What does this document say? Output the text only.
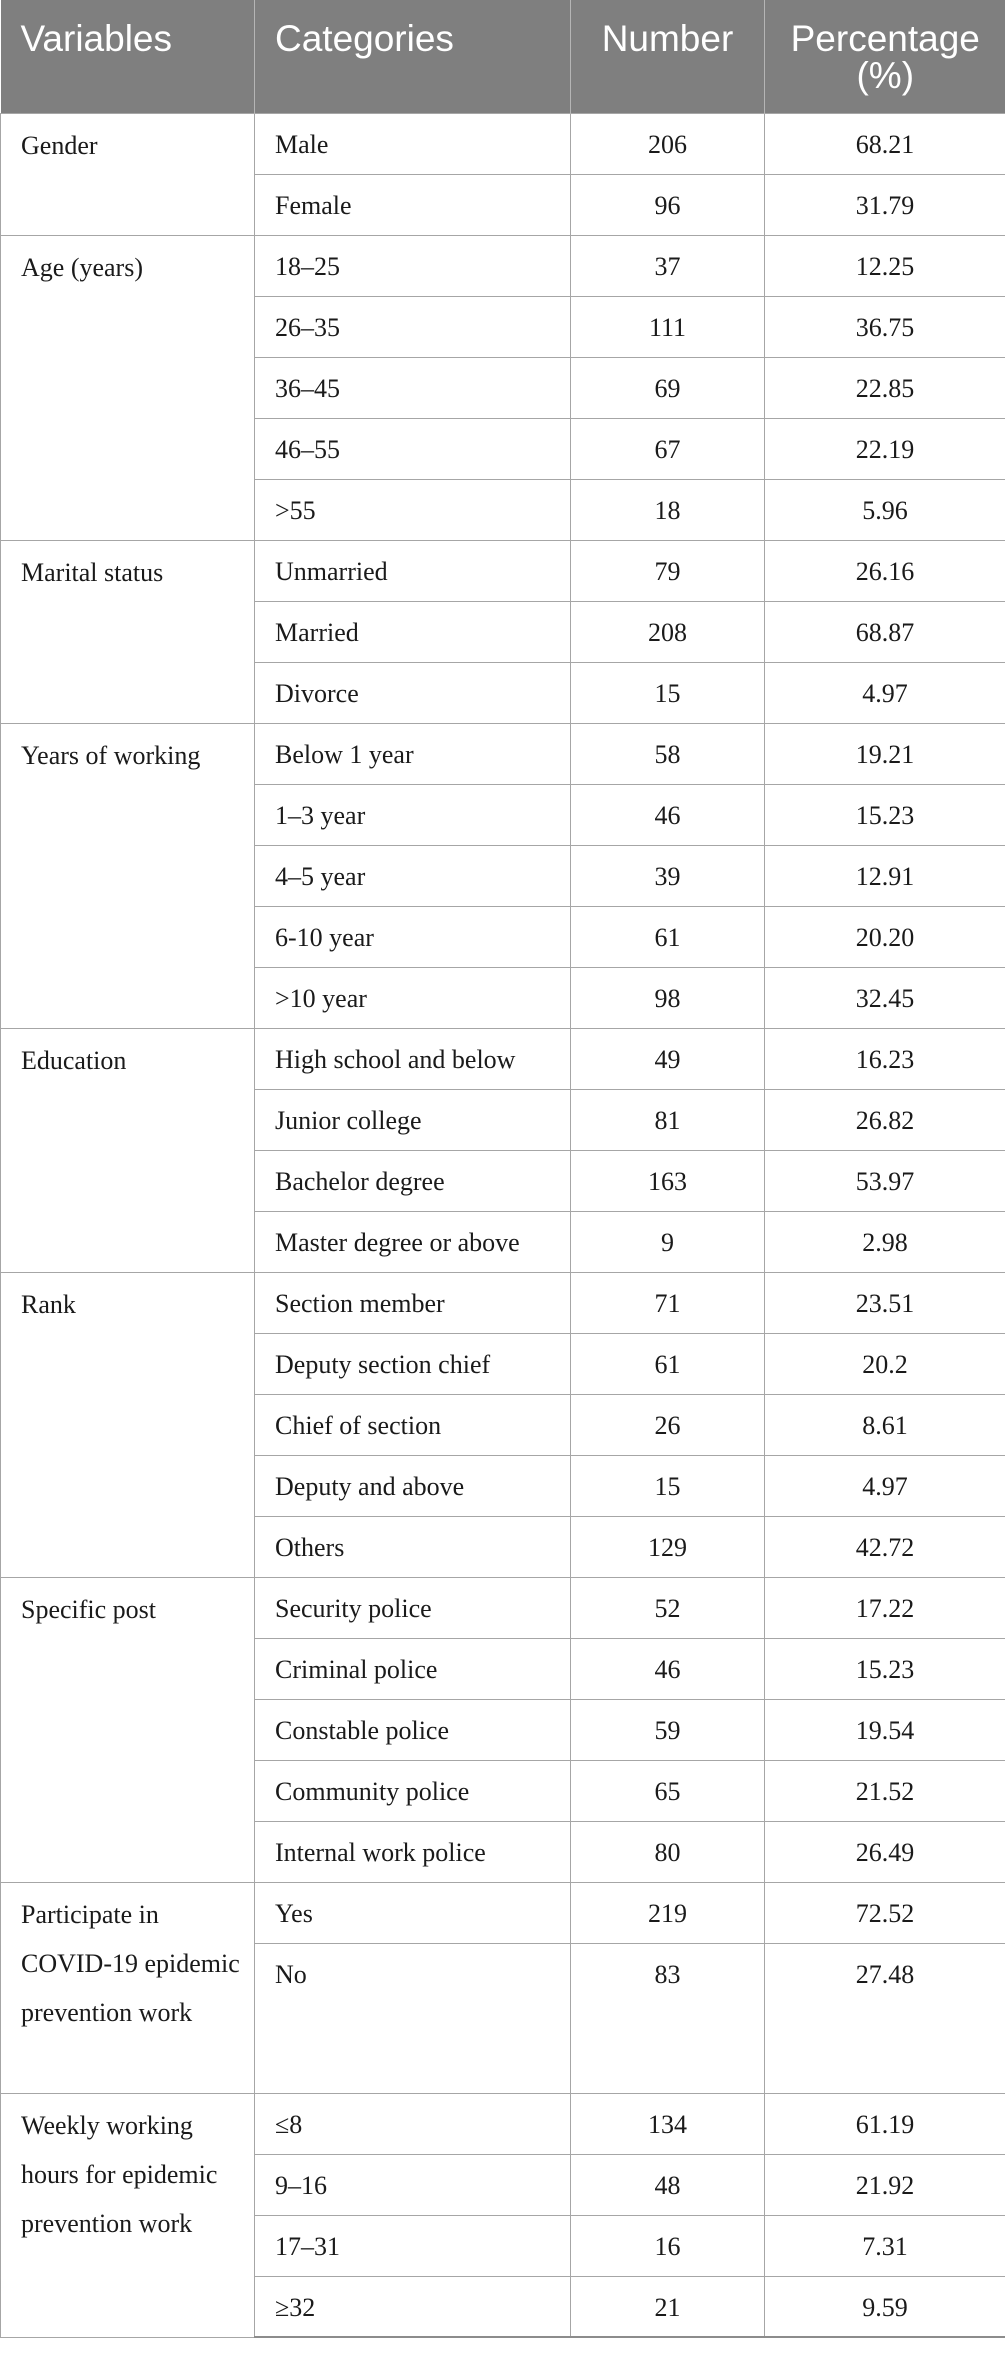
Variables	Categories	Number	Percentage (%)

Gender	Male	206	68.21

	Female	96	31.79

Age (years)	18–25	37	12.25

	26–35	111	36.75

	36–45	69	22.85

	46–55	67	22.19

	>55	18	5.96

Marital status	Unmarried	79	26.16

	Married	208	68.87

	Divorce	15	4.97

Years of working	Below 1 year	58	19.21

	1–3 year	46	15.23

	4–5 year	39	12.91

	6-10 year	61	20.20

	>10 year	98	32.45

Education	High school and below	49	16.23

	Junior college	81	26.82

	Bachelor degree	163	53.97

	Master degree or above	9	2.98

Rank	Section member	71	23.51

	Deputy section chief	61	20.2

	Chief of section	26	8.61

	Deputy and above	15	4.97

	Others	129	42.72

Specific post	Security police	52	17.22

	Criminal police	46	15.23

	Constable police	59	19.54

	Community police	65	21.52

	Internal work police	80	26.49

Participate in COVID-19 epidemic prevention work	Yes	219	72.52

	No	83	27.48

Weekly working hours for epidemic prevention work	≤8	134	61.19

	9–16	48	21.92

	17–31	16	7.31

	≥32	21	9.59
